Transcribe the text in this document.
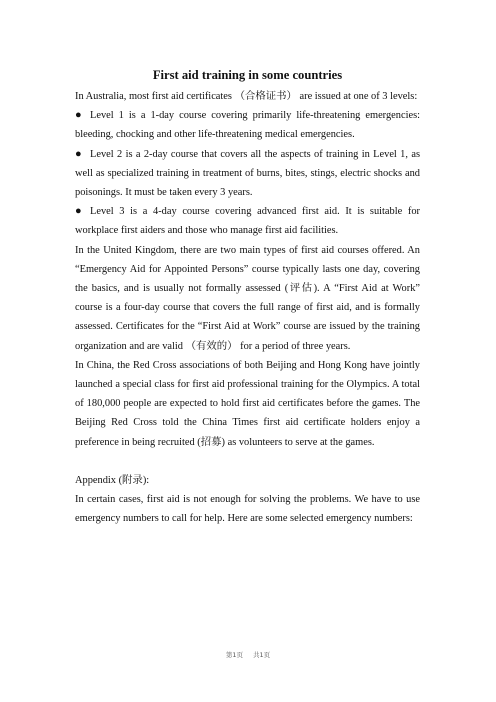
First aid training in some countries

In Australia, most first aid certificates （合格证书） are issued at one of 3 levels:

● Level 1 is a 1-day course covering primarily life-threatening emergencies: bleeding, chocking and other life-threatening medical emergencies.

● Level 2 is a 2-day course that covers all the aspects of training in Level 1, as well as specialized training in treatment of burns, bites, stings, electric shocks and poisonings. It must be taken every 3 years.

● Level 3 is a 4-day course covering advanced first aid. It is suitable for workplace first aiders and those who manage first aid facilities.

In the United Kingdom, there are two main types of first aid courses offered. An “Emergency Aid for Appointed Persons” course typically lasts one day, covering the basics, and is usually not formally assessed (评估). A “First Aid at Work” course is a four-day course that covers the full range of first aid, and is formally assessed. Certificates for the “First Aid at Work” course are issued by the training organization and are valid （有效的） for a period of three years.

In China, the Red Cross associations of both Beijing and Hong Kong have jointly launched a special class for first aid professional training for the Olympics. A total of 180,000 people are expected to hold first aid certificates before the games. The Beijing Red Cross told the China Times first aid certificate holders enjoy a preference in being recruited (招募) as volunteers to serve at the games.

Appendix (附录):

In certain cases, first aid is not enough for solving the problems. We have to use emergency numbers to call for help. Here are some selected emergency numbers:

第1页 共1页
